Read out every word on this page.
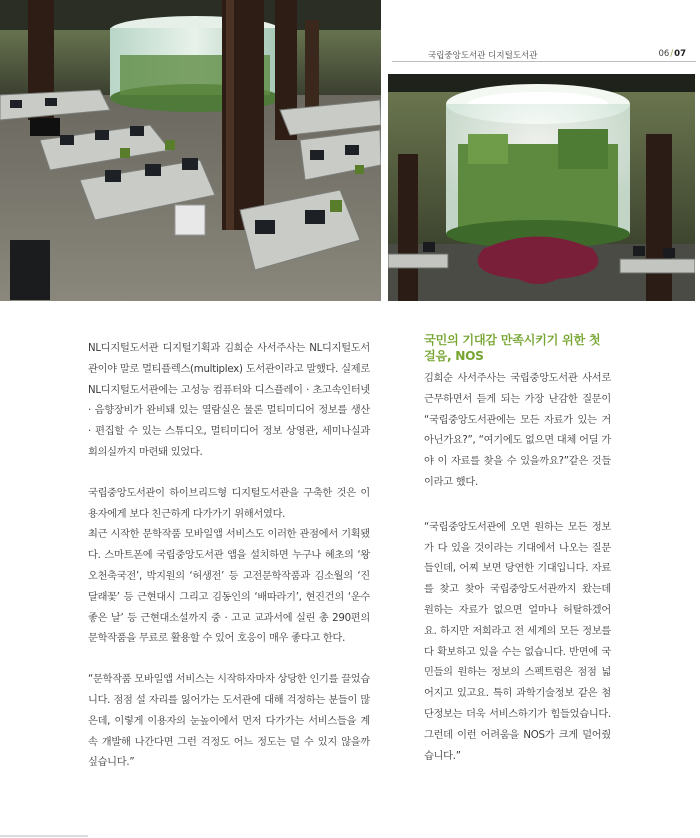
국립중앙도서관 디지털도서관	06/07

NL디지털도서관 디지털기획과 김희순 사서주사는 NL디지털도서관이야 말로 멀티플렉스(multiplex) 도서관이라고 말했다. 실제로 NL디지털도서관에는 고성능 컴퓨터와 디스플레이 · 초고속인터넷 · 음향장비가 완비돼 있는 열람실은 물론 멀티미디어 정보를 생산 · 편집할 수 있는 스튜디오, 멀티미디어 정보 상영관, 세미나실과 회의실까지 마련돼 있었다.

국립중앙도서관이 하이브리드형 디지털도서관을 구축한 것은 이용자에게 보다 친근하게 다가가기 위해서였다.

최근 시작한 문학작품 모바일앱 서비스도 이러한 관점에서 기획됐다. 스마트폰에 국립중앙도서관 앱을 설치하면 누구나 혜초의 ‘왕오천축국전’, 박지원의 ‘허생전’ 등 고전문학작품과 김소월의 ‘진달래꽃’ 등 근현대시 그리고 김동인의 ‘배따라기’, 현진건의 ‘운수좋은 날’ 등 근현대소설까지 중 · 고교 교과서에 실린 총 290편의 문학작품을 무료로 활용할 수 있어 호응이 매우 좋다고 한다.

“문학작품 모바일앱 서비스는 시작하자마자 상당한 인기를 끌었습니다. 점점 설 자리를 잃어가는 도서관에 대해 걱정하는 분들이 많은데, 이렇게 이용자의 눈높이에서 먼저 다가가는 서비스들을 계속 개발해 나간다면 그런 걱정도 어느 정도는 덜 수 있지 않을까 싶습니다.”

국민의 기대감 만족시키기 위한 첫걸음, NOS

김희순 사서주사는 국립중앙도서관 사서로 근무하면서 듣게 되는 가장 난감한 질문이 “국립중앙도서관에는 모든 자료가 있는 거 아닌가요?”, “여기에도 없으면 대체 어딜 가야 이 자료를 찾을 수 있을까요?”같은 것들이라고 했다.

“국립중앙도서관에 오면 원하는 모든 정보가 다 있을 것이라는 기대에서 나오는 질문들인데, 어찌 보면 당연한 기대입니다. 자료를 찾고 찾아 국립중앙도서관까지 왔는데 원하는 자료가 없으면 얼마나 허탈하겠어요. 하지만 저희라고 전 세계의 모든 정보를 다 확보하고 있을 수는 없습니다. 반면에 국민들의 원하는 정보의 스펙트럼은 점점 넓어지고 있고요. 특히 과학기술정보 같은 첨단정보는 더욱 서비스하기가 힘들었습니다. 그런데 이런 어려움을 NOS가 크게 덜어줬습니다.”
